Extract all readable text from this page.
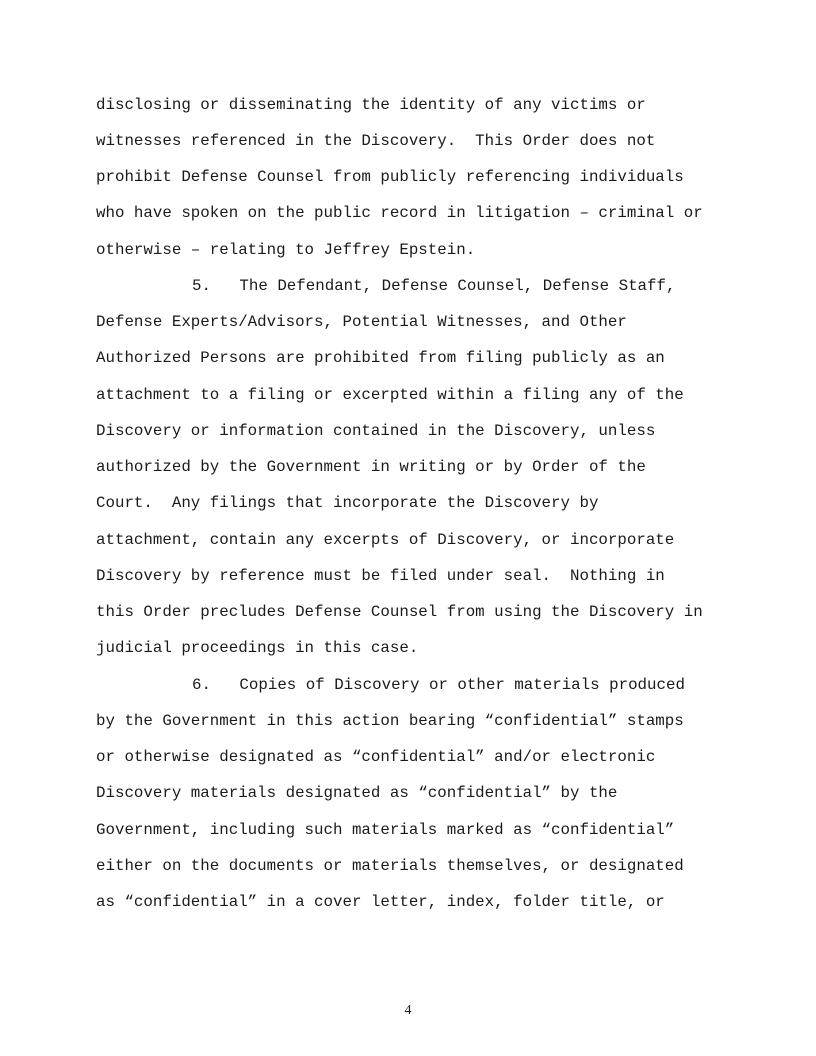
disclosing or disseminating the identity of any victims or

witnesses referenced in the Discovery.  This Order does not

prohibit Defense Counsel from publicly referencing individuals

who have spoken on the public record in litigation – criminal or

otherwise – relating to Jeffrey Epstein.

5.   The Defendant, Defense Counsel, Defense Staff,

Defense Experts/Advisors, Potential Witnesses, and Other

Authorized Persons are prohibited from filing publicly as an

attachment to a filing or excerpted within a filing any of the

Discovery or information contained in the Discovery, unless

authorized by the Government in writing or by Order of the

Court.  Any filings that incorporate the Discovery by

attachment, contain any excerpts of Discovery, or incorporate

Discovery by reference must be filed under seal.  Nothing in

this Order precludes Defense Counsel from using the Discovery in

judicial proceedings in this case.

6.   Copies of Discovery or other materials produced

by the Government in this action bearing “confidential” stamps

or otherwise designated as “confidential” and/or electronic

Discovery materials designated as “confidential” by the

Government, including such materials marked as “confidential”

either on the documents or materials themselves, or designated

as “confidential” in a cover letter, index, folder title, or

4
